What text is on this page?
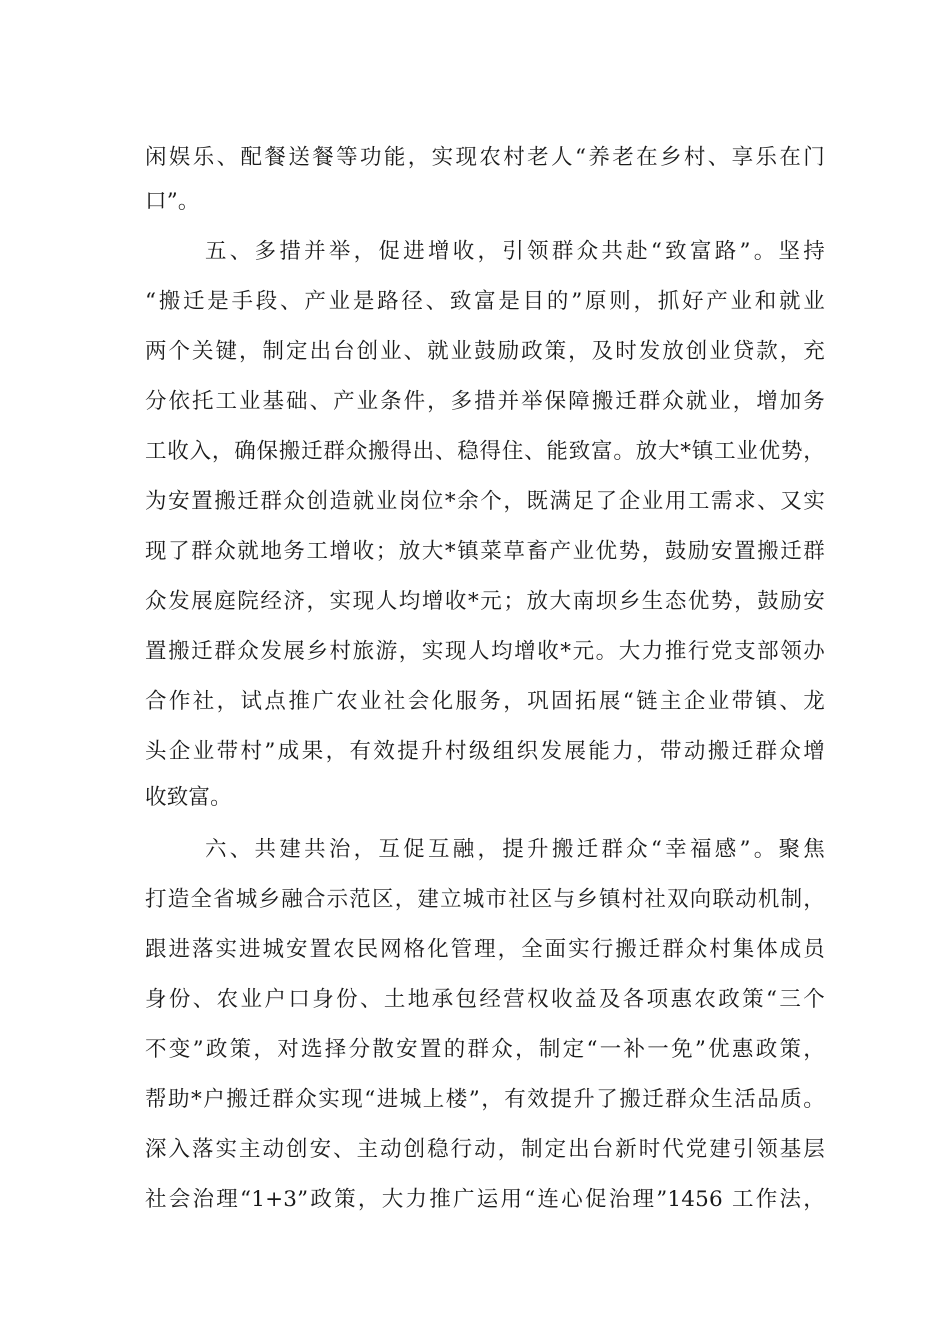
闲娱乐、配餐送餐等功能，实现农村老人“养老在乡村、享乐在门
口”。
五、多措并举，促进增收，引领群众共赴“致富路”。坚持
“搬迁是手段、产业是路径、致富是目的”原则，抓好产业和就业
两个关键，制定出台创业、就业鼓励政策，及时发放创业贷款，充
分依托工业基础、产业条件，多措并举保障搬迁群众就业，增加务
工收入，确保搬迁群众搬得出、稳得住、能致富。放大*镇工业优势，
为安置搬迁群众创造就业岗位*余个，既满足了企业用工需求、又实
现了群众就地务工增收；放大*镇菜草畜产业优势，鼓励安置搬迁群
众发展庭院经济，实现人均增收*元；放大南坝乡生态优势，鼓励安
置搬迁群众发展乡村旅游，实现人均增收*元。大力推行党支部领办
合作社，试点推广农业社会化服务，巩固拓展“链主企业带镇、龙
头企业带村”成果，有效提升村级组织发展能力，带动搬迁群众增
收致富。
六、共建共治，互促互融，提升搬迁群众“幸福感”。聚焦
打造全省城乡融合示范区，建立城市社区与乡镇村社双向联动机制，
跟进落实进城安置农民网格化管理，全面实行搬迁群众村集体成员
身份、农业户口身份、土地承包经营权收益及各项惠农政策“三个
不变”政策，对选择分散安置的群众，制定“一补一免”优惠政策，
帮助*户搬迁群众实现“进城上楼”，有效提升了搬迁群众生活品质。
深入落实主动创安、主动创稳行动，制定出台新时代党建引领基层
社会治理“1+3”政策，大力推广运用“连心促治理”1456 工作法，
